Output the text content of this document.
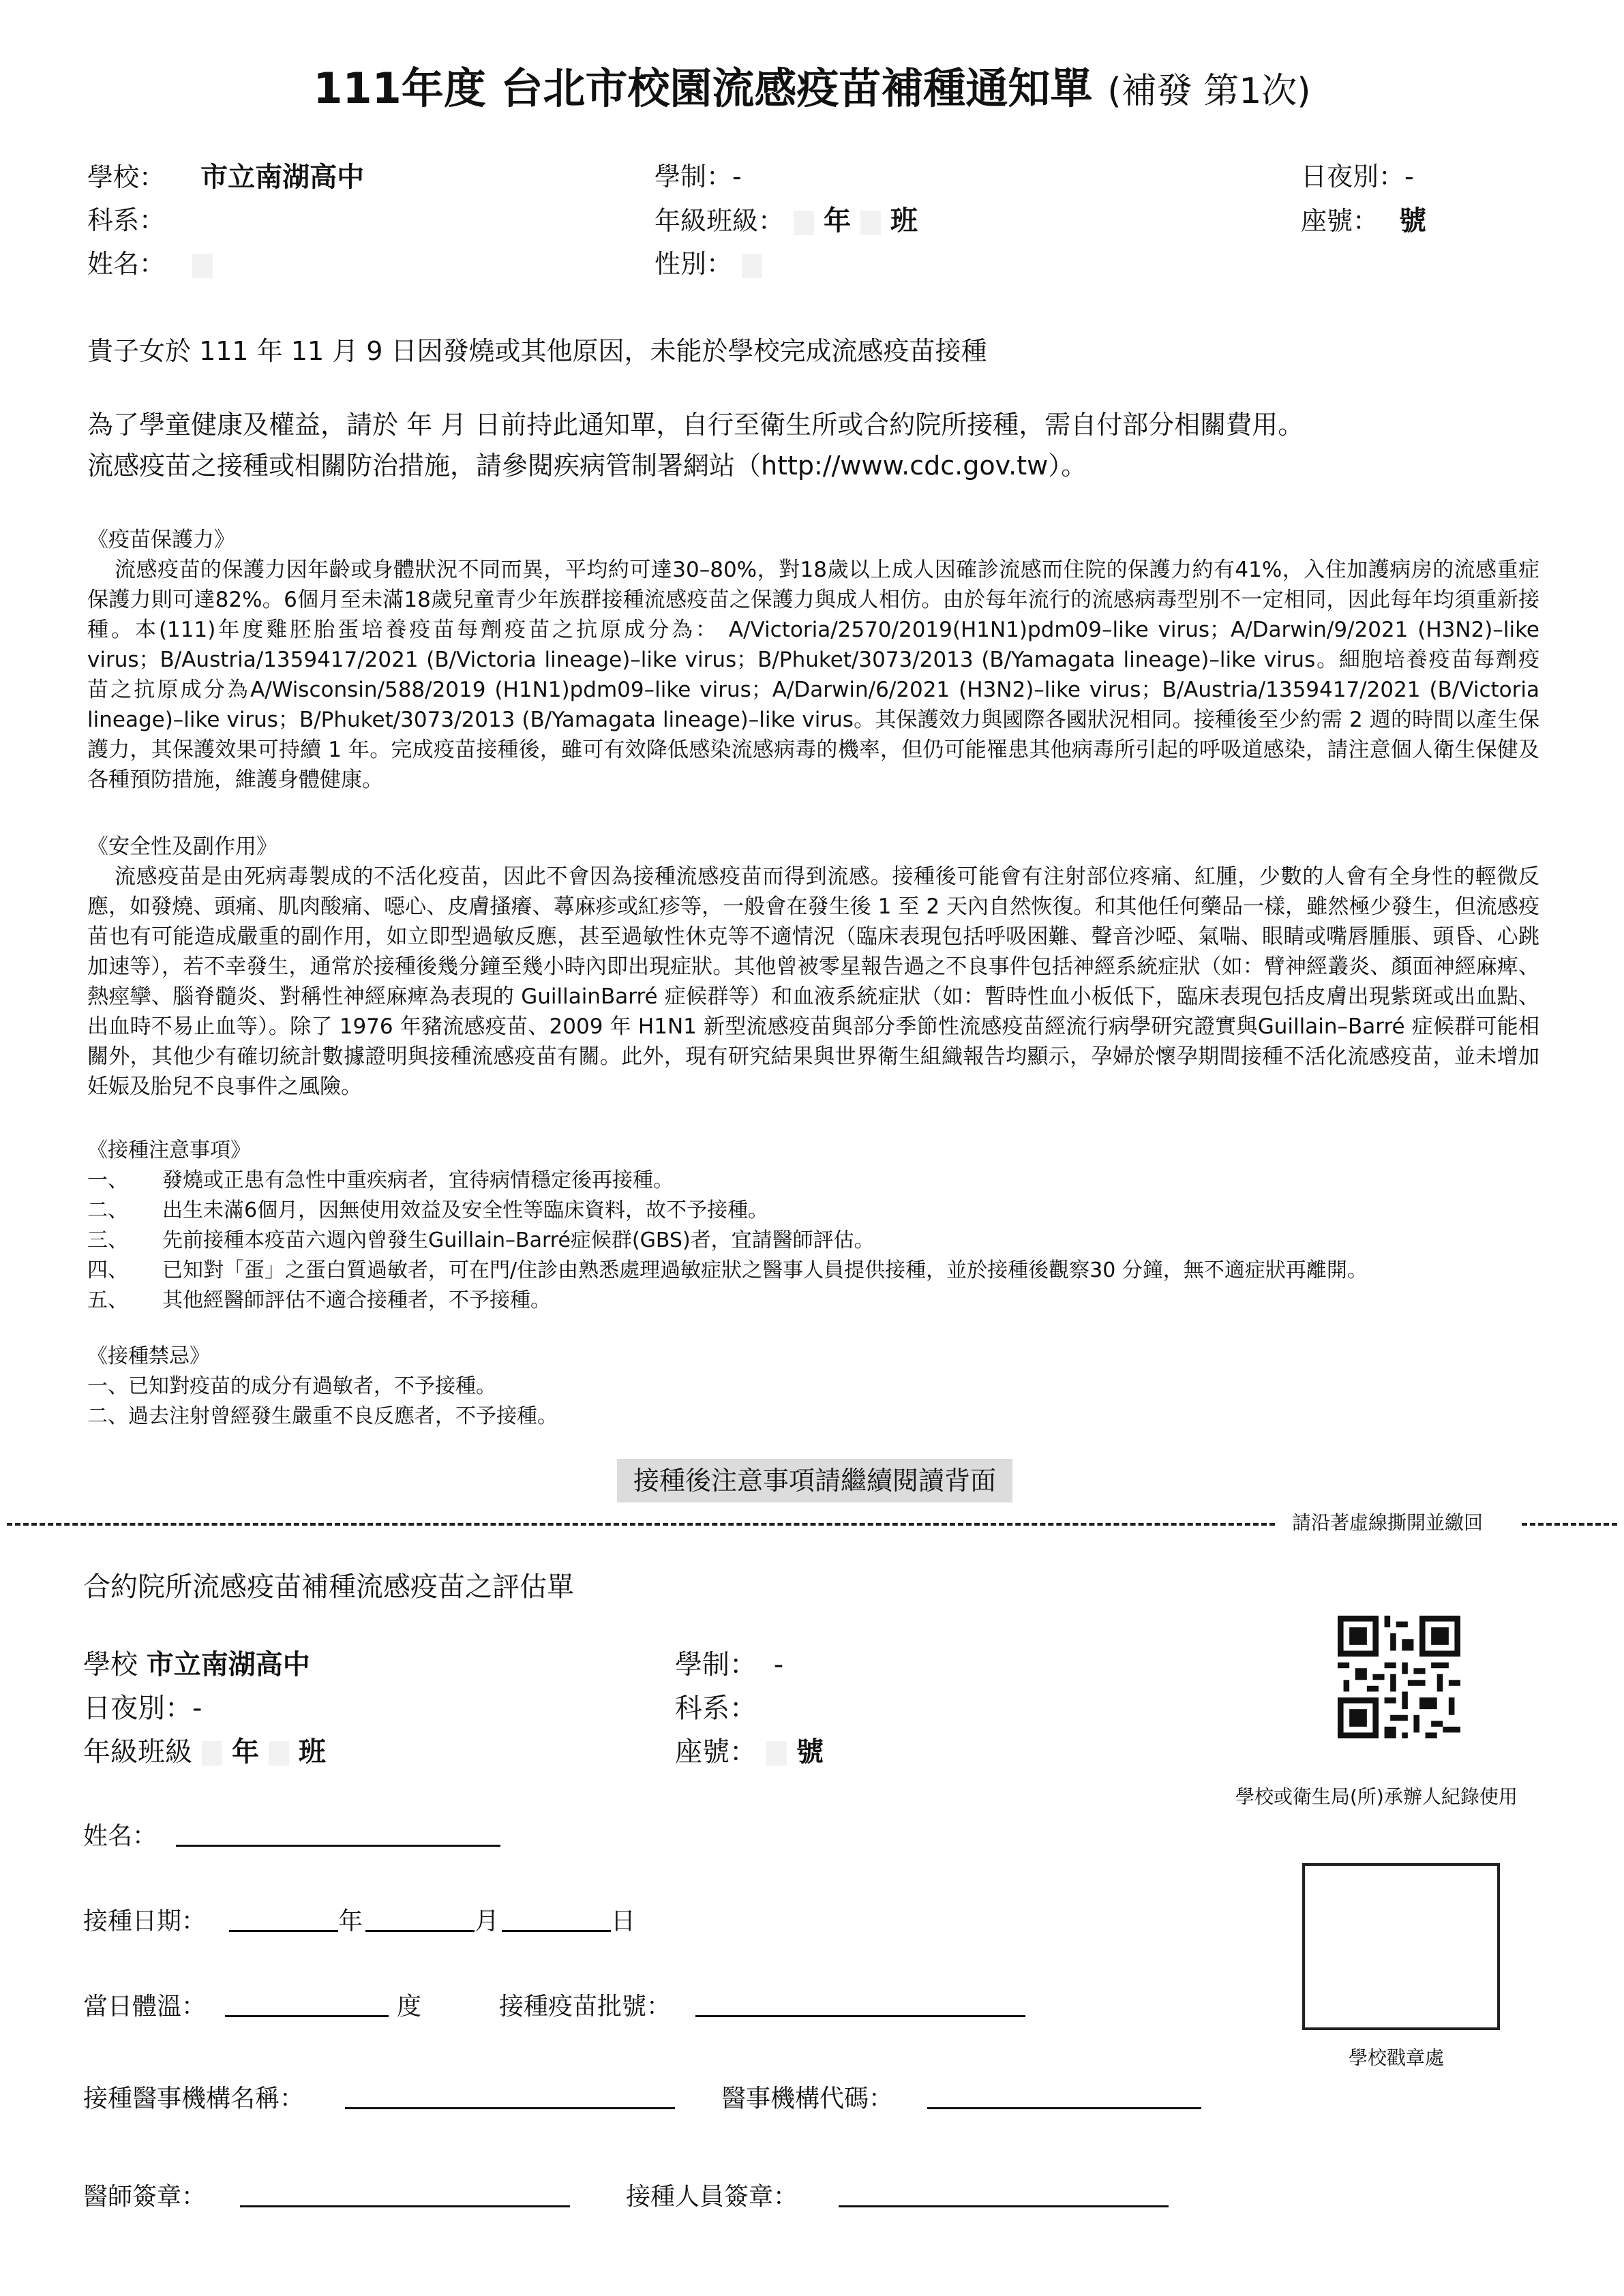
111年度 台北市校園流感疫苗補種通知單 (補發 第1次)
學校： 市立南湖高中	學制：-	日夜別：-
科系：	年級班級： 年 班	座號： 號
姓名：	性別：
貴子女於 111 年 11 月 9 日因發燒或其他原因，未能於學校完成流感疫苗接種
為了學童健康及權益，請於 年 月 日前持此通知單，自行至衛生所或合約院所接種，需自付部分相關費用。
流感疫苗之接種或相關防治措施，請參閱疾病管制署網站（http://www.cdc.gov.tw）。
《疫苗保護力》
流感疫苗的保護力因年齡或身體狀況不同而異，平均約可達30–80%，對18歲以上成人因確診流感而住院的保護力約有41%，入住加護病房的流感重症保護力則可達82%。6個月至未滿18歲兒童青少年族群接種流感疫苗之保護力與成人相仿。由於每年流行的流感病毒型別不一定相同，因此每年均須重新接種。本(111)年度雞胚胎蛋培養疫苗每劑疫苗之抗原成分為： A/Victoria/2570/2019(H1N1)pdm09–like virus；A/Darwin/9/2021 (H3N2)–like virus；B/Austria/1359417/2021 (B/Victoria lineage)–like virus；B/Phuket/3073/2013 (B/Yamagata lineage)–like virus。細胞培養疫苗每劑疫苗之抗原成分為A/Wisconsin/588/2019 (H1N1)pdm09–like virus；A/Darwin/6/2021 (H3N2)–like virus；B/Austria/1359417/2021 (B/Victoria lineage)–like virus；B/Phuket/3073/2013 (B/Yamagata lineage)–like virus。其保護效力與國際各國狀況相同。接種後至少約需 2 週的時間以產生保護力，其保護效果可持續 1 年。完成疫苗接種後，雖可有效降低感染流感病毒的機率，但仍可能罹患其他病毒所引起的呼吸道感染，請注意個人衛生保健及各種預防措施，維護身體健康。
《安全性及副作用》
流感疫苗是由死病毒製成的不活化疫苗，因此不會因為接種流感疫苗而得到流感。接種後可能會有注射部位疼痛、紅腫，少數的人會有全身性的輕微反應，如發燒、頭痛、肌肉酸痛、噁心、皮膚搔癢、蕁麻疹或紅疹等，一般會在發生後 1 至 2 天內自然恢復。和其他任何藥品一樣，雖然極少發生，但流感疫苗也有可能造成嚴重的副作用，如立即型過敏反應，甚至過敏性休克等不適情況（臨床表現包括呼吸困難、聲音沙啞、氣喘、眼睛或嘴唇腫脹、頭昏、心跳加速等），若不幸發生，通常於接種後幾分鐘至幾小時內即出現症狀。其他曾被零星報告過之不良事件包括神經系統症狀（如：臂神經叢炎、顏面神經麻痺、熱痙攣、腦脊髓炎、對稱性神經麻痺為表現的 GuillainBarré 症候群等）和血液系統症狀（如：暫時性血小板低下，臨床表現包括皮膚出現紫斑或出血點、出血時不易止血等）。除了 1976 年豬流感疫苗、2009 年 H1N1 新型流感疫苗與部分季節性流感疫苗經流行病學研究證實與Guillain–Barré 症候群可能相關外，其他少有確切統計數據證明與接種流感疫苗有關。此外，現有研究結果與世界衛生組織報告均顯示，孕婦於懷孕期間接種不活化流感疫苗，並未增加妊娠及胎兒不良事件之風險。
《接種注意事項》
一、	發燒或正患有急性中重疾病者，宜待病情穩定後再接種。
二、	出生未滿6個月，因無使用效益及安全性等臨床資料，故不予接種。
三、	先前接種本疫苗六週內曾發生Guillain–Barré症候群(GBS)者，宜請醫師評估。
四、	已知對「蛋」之蛋白質過敏者，可在門/住診由熟悉處理過敏症狀之醫事人員提供接種，並於接種後觀察30 分鐘，無不適症狀再離開。
五、	其他經醫師評估不適合接種者，不予接種。
《接種禁忌》
一、已知對疫苗的成分有過敏者，不予接種。
二、過去注射曾經發生嚴重不良反應者，不予接種。
接種後注意事項請繼續閱讀背面
請沿著虛線撕開並繳回
合約院所流感疫苗補種流感疫苗之評估單
學校 市立南湖高中	學制： -
日夜別：-	科系：
年級班級 年 班	座號： 號
學校或衛生局(所)承辦人紀錄使用
姓名：
接種日期：	年	月	日
當日體溫：	度	接種疫苗批號：
接種醫事機構名稱：	醫事機構代碼：
醫師簽章：	接種人員簽章：
學校戳章處
